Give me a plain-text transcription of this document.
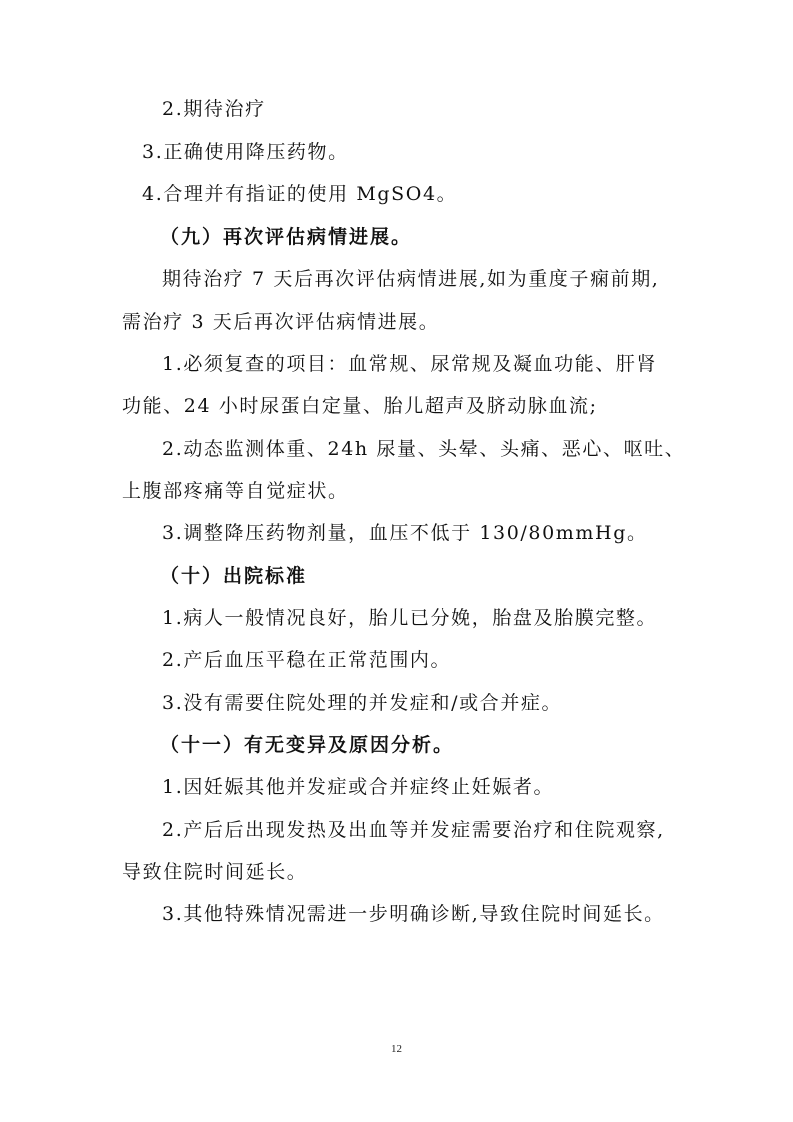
2.期待治疗
3.正确使用降压药物。
4.合理并有指证的使用 MgSO4。
（九）再次评估病情进展。
期待治疗 7 天后再次评估病情进展,如为重度子痫前期,
需治疗 3 天后再次评估病情进展。
1.必须复查的项目：血常规、尿常规及凝血功能、肝肾
功能、24 小时尿蛋白定量、胎儿超声及脐动脉血流;
2.动态监测体重、24h 尿量、头晕、头痛、恶心、呕吐、
上腹部疼痛等自觉症状。
3.调整降压药物剂量，血压不低于 130/80mmHg。
（十）出院标准
1.病人一般情况良好，胎儿已分娩，胎盘及胎膜完整。
2.产后血压平稳在正常范围内。
3.没有需要住院处理的并发症和/或合并症。
（十一）有无变异及原因分析。
1.因妊娠其他并发症或合并症终止妊娠者。
2.产后后出现发热及出血等并发症需要治疗和住院观察,
导致住院时间延长。
3.其他特殊情况需进一步明确诊断,导致住院时间延长。
12
